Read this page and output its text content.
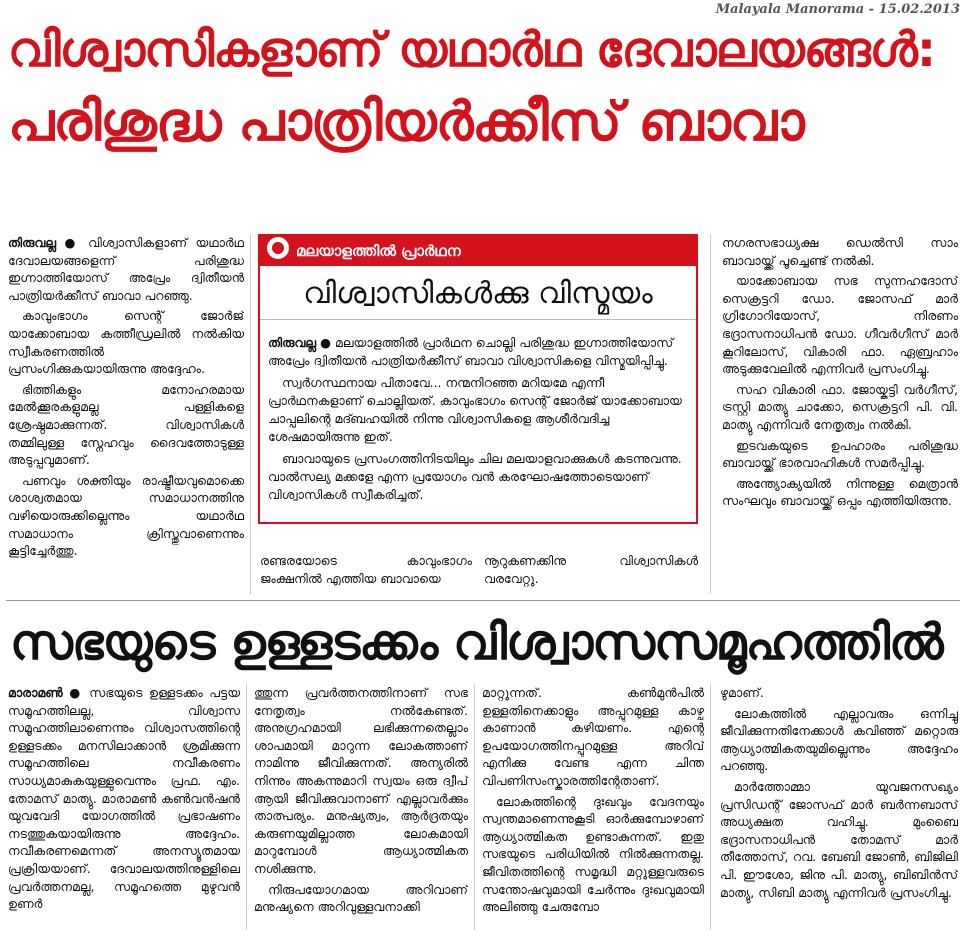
Malayala Manorama - 15.02.2013
വിശ്വാസികളാണ് യഥാർഥ ദേവാലയങ്ങൾ:
പരിശുദ്ധ പാത്രിയർക്കീസ് ബാവാ

തിരുവല്ല ● വിശ്വാസികളാണ് യഥാർഥ ദേവാലയങ്ങളെന്ന് പരിശുദ്ധ ഇഗ്നാത്തിയോസ് അപ്രേം ദ്വിതീയൻ പാത്രിയർക്കീസ് ബാവാ പറഞ്ഞു.

കാവുംഭാഗം സെന്റ് ജോർജ് യാക്കോബായ കത്തീഡ്രലിൽ നൽകിയ സ്വീകരണത്തിൽ പ്രസംഗിക്കുകയായിരുന്നു അദ്ദേഹം.

ഭിത്തികളും മനോഹരമായ മേൽക്കൂരകളുമല്ല പള്ളികളെ ശ്രേഷ്ഠമാക്കുന്നത്. വിശ്വാസികൾ തമ്മിലുള്ള സ്നേഹവും ദൈവത്തോടുള്ള അടുപ്പവുമാണ്.

പണവും ശക്തിയും രാഷ്ട്രീയവുമൊക്കെ ശാശ്വതമായ സമാധാനത്തിനു വഴിയൊരുക്കില്ലെന്നും യഥാർഥ സമാധാനം ക്രിസ്തുവാണെന്നും കൂട്ടിച്ചേർത്തു.

മലയാളത്തിൽ പ്രാർഥന
വിശ്വാസികൾക്കു വിസ്മയം

തിരുവല്ല ● മലയാളത്തിൽ പ്രാർഥന ചൊല്ലി പരിശുദ്ധ ഇഗ്നാത്തിയോസ് അപ്രേം ദ്വിതീയൻ പാത്രിയർക്കീസ് ബാവാ വിശ്വാസികളെ വിസ്മയിപ്പിച്ചു.

സ്വർഗസ്ഥനായ പിതാവേ... നന്മനിറഞ്ഞ മറിയമേ എന്നീ പ്രാർഥനകളാണ് ചൊല്ലിയത്. കാവുംഭാഗം സെന്റ് ജോർജ് യാക്കോബായ ചാപ്പലിന്റെ മദ്ബഹയിൽ നിന്നു വിശ്വാസികളെ ആശീർവദിച്ച ശേഷമായിരുന്നു ഇത്.

ബാവായുടെ പ്രസംഗത്തിനിടയിലും ചില മലയാളവാക്കുകൾ കടന്നുവന്നു. വാൽസല്യ മക്കളേ എന്ന പ്രയോഗം വൻ കരഘോഷത്തോടെയാണ് വിശ്വാസികൾ സ്വീകരിച്ചത്.

രണ്ടരയോടെ കാവുംഭാഗം ജംക്ഷനിൽ എത്തിയ ബാവായെ

നൂറുകണക്കിനു വിശ്വാസികൾ വരവേറ്റു.

നഗരസഭാധ്യക്ഷ ഡെൽസി സാം ബാവായ്ക്ക് പൂച്ചെണ്ട് നൽകി.

യാക്കോബായ സഭ സുന്നഹദോസ് സെക്രട്ടറി ഡോ. ജോസഫ് മാർ ഗ്രിഗോറിയോസ്, നിരണം ഭദ്രാസനാധിപൻ ഡോ. ഗീവർഗീസ് മാർ കൂറിലോസ്, വികാരി ഫാ. ഏബ്രഹാം അടുക്കുവേലിൽ എന്നിവർ പ്രസംഗിച്ചു.

സഹ വികാരി ഫാ. ജോയ്കുട്ടി വർഗീസ്, ട്രസ്റ്റി മാത്യു ചാക്കോ, സെക്രട്ടറി പി. വി. മാത്യു എന്നിവർ നേതൃത്വം നൽകി.

ഇടവകയുടെ ഉപഹാരം പരിശുദ്ധ ബാവായ്ക്ക് ഭാരവാഹികൾ സമർപ്പിച്ചു.

അന്ത്യോക്യയിൽ നിന്നുള്ള മെത്രാൻ സംഘവും ബാവായ്ക്ക് ഒപ്പം എത്തിയിരുന്നു.

സഭയുടെ ഉള്ളടക്കം വിശ്വാസസമൂഹത്തിൽ

മാരാമൺ ● സഭയുടെ ഉള്ളടക്കം പട്ടയ സമൂഹത്തിലല്ല, വിശ്വാസ സമൂഹത്തിലാണെന്നും വിശ്വാസത്തിന്റെ ഉള്ളടക്കം മനസിലാക്കാൻ ശ്രമിക്കുന്ന സമൂഹത്തിലെ നവീകരണം സാധ്യമാകുകയുള്ളുവെന്നും പ്രഫ. എം. തോമസ് മാത്യു. മാരാമൺ കൺവൻഷൻ യുവവേദി യോഗത്തിൽ പ്രഭാഷണം നടത്തുകയായിരുന്നു അദ്ദേഹം. നവീകരണമെന്നത് അനസ്യൂതമായ പ്രക്രിയയാണ്. ദേവാലയത്തിനുള്ളിലെ പ്രവർത്തനമല്ല, സമൂഹത്തെ മുഴുവൻ ഉണർ

ത്തുന്ന പ്രവർത്തനത്തിനാണ് സഭ നേതൃത്വം നൽകേണ്ടത്. അനുഗ്രഹമായി ലഭിക്കുന്നതെല്ലാം ശാപമായി മാറുന്ന ലോകത്താണ് നാമിന്നു ജീവിക്കുന്നത്. അന്യരിൽ നിന്നും അകന്നുമാറി സ്വയം ഒരു ദ്വീപ് ആയി ജീവിക്കുവാനാണ് എല്ലാവർക്കും താത്പര്യം. മനുഷ്യത്വം, ആർദ്രതയും കരുണയുമില്ലാത്ത ലോകമായി മാറുമ്പോൾ ആധ്യാത്മികത നശിക്കുന്നു.

നിരുപയോഗമായ അറിവാണ് മനുഷ്യനെ അറിവുള്ളവനാക്കി

മാറ്റുന്നത്. കൺമുൻപിൽ ഉള്ളതിനെക്കാളും അപ്പുറമുള്ള കാഴ്ച കാണാൻ കഴിയണം. എന്റെ ഉപയോഗത്തിനപ്പുറമുള്ള അറിവ് എനിക്കു വേണ്ട എന്ന ചിന്ത വിപണിസംസ്കാരത്തിന്റേതാണ്.

ലോകത്തിന്റെ ദുഃഖവും വേദനയും സ്വന്തമാണെന്നുകൂടി ഓർക്കുമ്പോഴാണ് ആധ്യാത്മികത ഉണ്ടാകുന്നത്. ഇതു സഭയുടെ പരിധിയിൽ നിൽക്കുന്നതല്ല. ജീവിതത്തിന്റെ സമൃദ്ധി മറ്റുള്ളവരുടെ സന്തോഷവുമായി ചേർന്നും ദുഃഖവുമായി അലിഞ്ഞു ചേരുമ്പോ

ഴുമാണ്.

ലോകത്തിൽ എല്ലാവരും ഒന്നിച്ചു ജീവിക്കുന്നതിനേക്കാൾ കവിഞ്ഞ് മറ്റൊരു ആധ്യാത്മികതയുമില്ലെന്നും അദ്ദേഹം പറഞ്ഞു.

മാർത്തോമ്മാ യുവജനസഖ്യം പ്രസിഡന്റ് ജോസഫ് മാർ ബർന്നബാസ് അധ്യക്ഷത വഹിച്ചു. മുംബൈ ഭദ്രാസനാധിപൻ തോമസ് മാർ തീത്തോസ്, റവ. ബേബി ജോൺ, ബിജിലി പി. ഈശോ, ജിനു പി. മാത്യു, ബിബിൻസ് മാത്യു, സിബി മാത്യു എന്നിവർ പ്രസംഗിച്ചു.
